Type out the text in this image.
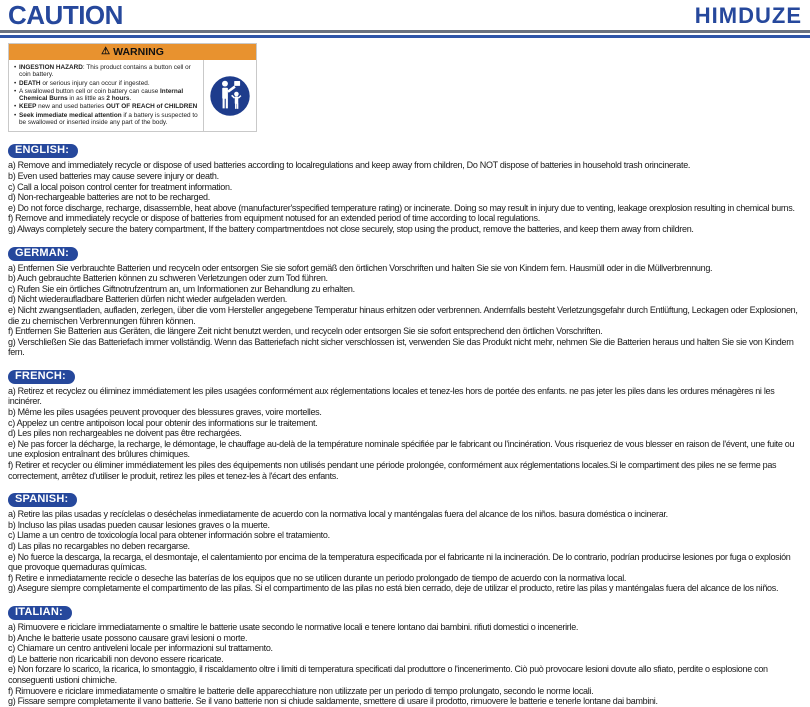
CAUTION	HIMDUZE
⚠ WARNING
• INGESTION HAZARD: This product contains a button cell or coin battery.
• DEATH or serious injury can occur if ingested.
• A swallowed button cell or coin battery can cause Internal Chemical Burns in as little as 2 hours.
• KEEP new and used batteries OUT OF REACH of CHILDREN
• Seek immediate medical attention if a battery is suspected to be swallowed or inserted inside any part of the body.
ENGLISH:

a) Remove and immediately recycle or dispose of used batteries according to localregulations and keep away from children, Do NOT dispose of batteries in household trash orincinerate.

b) Even used batteries may cause severe injury or death.

c) Call a local poison control center for treatment information.

d) Non-rechargeable batteries are not to be recharged.

e) Do not force discharge, recharge, disassemble, heat above (manufacturer'sspecified temperature rating) or incinerate. Doing so may result in injury due to venting, leakage orexplosion resulting in chemical burns.

f) Remove and immediately recycle or dispose of batteries from equipment notused for an extended period of time according to local regulations.

g) Always completely secure the batery compartment, If the battery compartmentdoes not close securely, stop using the product, remove the batteries, and keep them away from children.

GERMAN:

a) Entfernen Sie verbrauchte Batterien und recyceln oder entsorgen Sie sie sofort gemäß den örtlichen Vorschriften und halten Sie sie von Kindern fern. Hausmüll oder in die Müllverbrennung.

b) Auch gebrauchte Batterien können zu schweren Verletzungen oder zum Tod führen.

c) Rufen Sie ein örtliches Giftnotrufzentrum an, um Informationen zur Behandlung zu erhalten.

d) Nicht wiederaufladbare Batterien dürfen nicht wieder aufgeladen werden.

e) Nicht zwangsentladen, aufladen, zerlegen, über die vom Hersteller angegebene Temperatur hinaus erhitzen oder verbrennen. Andernfalls besteht Verletzungsgefahr durch Entlüftung, Leckagen oder Explosionen, die zu chemischen Verbrennungen führen können.

f) Entfernen Sie Batterien aus Geräten, die längere Zeit nicht benutzt werden, und recyceln oder entsorgen Sie sie sofort entsprechend den örtlichen Vorschriften.

g) Verschließen Sie das Batteriefach immer vollständig. Wenn das Batteriefach nicht sicher verschlossen ist, verwenden Sie das Produkt nicht mehr, nehmen Sie die Batterien heraus und halten Sie sie von Kindern fern.

FRENCH:

a) Retirez et recyclez ou éliminez immédiatement les piles usagées conformément aux réglementations locales et tenez-les hors de portée des enfants. ne pas jeter les piles dans les ordures ménagères ni les incinérer.

b) Même les piles usagées peuvent provoquer des blessures graves, voire mortelles.

c) Appelez un centre antipoison local pour obtenir des informations sur le traitement.

d) Les piles non rechargeables ne doivent pas être rechargées.

e) Ne pas forcer la décharge, la recharge, le démontage, le chauffage au-delà de la température nominale spécifiée par le fabricant ou l'incinération. Vous risqueriez de vous blesser en raison de l'évent, une fuite ou une explosion entraînant des brûlures chimiques.

f) Retirer et recycler ou éliminer immédiatement les piles des équipements non utilisés pendant une période prolongée, conformément aux réglementations locales.Si le compartiment des piles ne se ferme pas correctement, arrêtez d'utiliser le produit, retirez les piles et tenez-les à l'écart des enfants.

SPANISH:

a) Retire las pilas usadas y recíclelas o deséchelas inmediatamente de acuerdo con la normativa local y manténgalas fuera del alcance de los niños. basura doméstica o incinerar.

b) Incluso las pilas usadas pueden causar lesiones graves o la muerte.

c) Llame a un centro de toxicología local para obtener información sobre el tratamiento.

d) Las pilas no recargables no deben recargarse.

e) No fuerce la descarga, la recarga, el desmontaje, el calentamiento por encima de la temperatura especificada por el fabricante ni la incineración. De lo contrario, podrían producirse lesiones por fuga o explosión que provoque quemaduras químicas.

f) Retire e inmediatamente recicle o deseche las baterías de los equipos que no se utilicen durante un periodo prolongado de tiempo de acuerdo con la normativa local.

g) Asegure siempre completamente el compartimento de las pilas. Si el compartimento de las pilas no está bien cerrado, deje de utilizar el producto, retire las pilas y manténgalas fuera del alcance de los niños.

ITALIAN:

a) Rimuovere e riciclare immediatamente o smaltire le batterie usate secondo le normative locali e tenere lontano dai bambini. rifiuti domestici o incenerirle.

b) Anche le batterie usate possono causare gravi lesioni o morte.

c) Chiamare un centro antiveleni locale per informazioni sul trattamento.

d) Le batterie non ricaricabili non devono essere ricaricate.

e) Non forzare lo scarico, la ricarica, lo smontaggio, il riscaldamento oltre i limiti di temperatura specificati dal produttore o l'incenerimento. Ciò può provocare lesioni dovute allo sfiato, perdite o esplosione con conseguenti ustioni chimiche.

f) Rimuovere e riciclare immediatamente o smaltire le batterie delle apparecchiature non utilizzate per un periodo di tempo prolungato, secondo le norme locali.

g) Fissare sempre completamente il vano batterie. Se il vano batterie non si chiude saldamente, smettere di usare il prodotto, rimuovere le batterie e tenerle lontane dai bambini.
